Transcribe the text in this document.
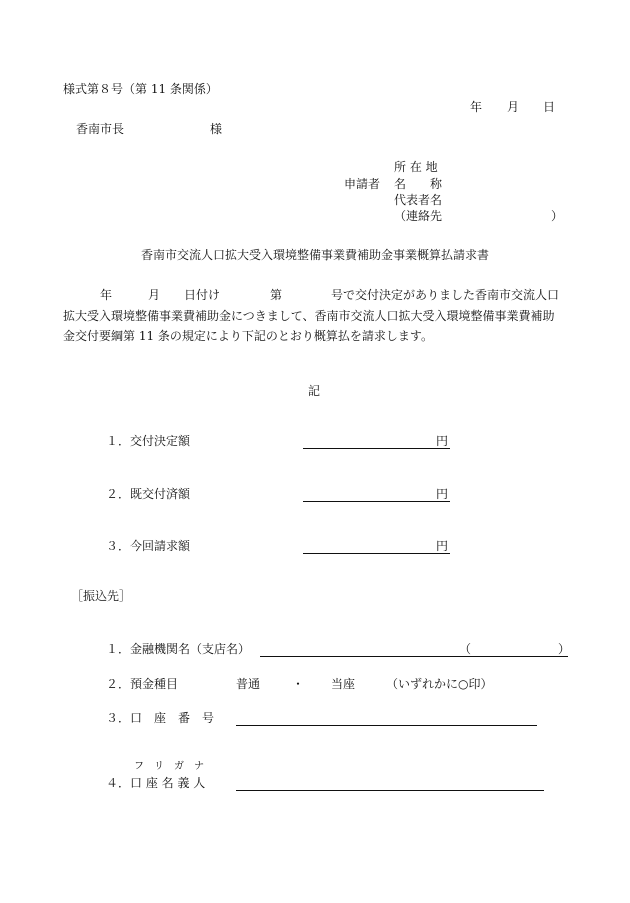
様式第８号（第 11 条関係）
年 月 日
香南市長	様
所 在 地
申請者 名 称
代表者名
（連絡先	）
香南市交流人口拡大受入環境整備事業費補助金事業概算払請求書
年	月 日付け	第	号で交付決定がありました香南市交流人口
拡大受入環境整備事業費補助金につきまして、香南市交流人口拡大受入環境整備事業費補助
金交付要綱第 11 条の規定により下記のとおり概算払を請求します。
記
１．交付決定額	円
２．既交付済額	円
３．今回請求額	円
［振込先］
１．金融機関名（支店名）	（	）
２．預金種目	普通	・ 当座	（いずれかに○印）
３．口　座　番　号
フ　リ　ガ　ナ
４．口 座 名 義 人
